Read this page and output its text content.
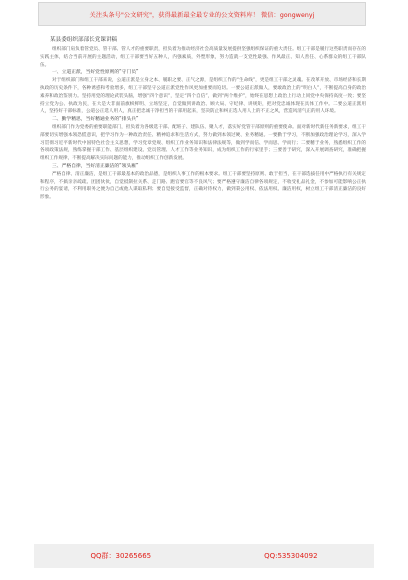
关注头条号"公文研究"，获得最新最全最专业的公文资料库！ 微信：gongwenyj
某县委组织部部长党课讲稿

组织部门肩负着管党员、管干部、管人才的重要职责，担负着为推动经济社会高质量发展提供坚强组织保证的重大责任。组工干部是履行这些职责而存在的实践主体，结合当前开展的主题活动，组工干部要当好五种人，内强素质，外塑形象，努力造就一支党性最强、作风最正、知人善任、心系群众的组工干部队伍。

一、立道正派，当好党性原则的“守门员”

对于组织部门和组工干部来说，公道正派是立身之本、履职之要、正气之源，是组织工作的“生命线”，更是组工干部之灵魂。在改革开放、市场经济和长期执政的历史条件下，各种诱惑和考验增多，组工干部坚守公道正派党性作风更加重要而迫切。一要公道正派做人，要敢政治上的“明白人”，不断提高自身的政治素养和政治鉴别力。坚持用党的理论武装头脑，增强“四个意识”，坚定“四个自信”，做到“两个维护”，始终在思想上政治上行动上同党中央保持高度一致；要坚持立党为公、执政为民，在大是大非面前旗帜鲜明、立场坚定，自觉做到讲政治、顾大局、守纪律、讲规矩，把对党忠诚体现在具体工作中。二要公道正派用人，坚持好干部标准，公道公正选人用人，真正把忠诚干净担当的干部用起来，坚决防止和纠正选人用人上的不正之风，营造风清气正的用人环境。

二、勤学精思，当好精通业务的“排头兵”

组织部门作为党委的重要职能部门，担负着为各级选干部、配班子、建队伍、聚人才，落实好党管干部原则的重要使命。面对新时代新任务新要求，组工干部要切实增强本领恐慌意识，把学习作为一种政治责任、精神追求和生活方式，努力做到本领过硬、业务精通。一要勤于学习，不断加强政治理论学习，深入学习贯彻习近平新时代中国特色社会主义思想，学习党章党规、组织工作业务知识和法律法规等，做到学而信、学而思、学而行；二要精于业务，熟悉组织工作的各项政策法规，熟练掌握干部工作、基层组织建设、党员管理、人才工作等业务知识，成为组织工作的行家里手；三要善于研究，深入开展调查研究，准确把握组织工作规律，不断提高解决实际问题的能力，推动组织工作创新发展。

三、严格自律，当好清正廉洁的“领头雁”

严格自律、清正廉洁，是组工干部最基本的政治品德，是组织人事工作的根本要求。组工干部要坚持原则、敢于担当，在干部选拔任用中严格执行有关规定和程序，不搞亲亲疏疏、团团伙伙，自觉抵制拉关系、走门路、跑官要官等不良风气；要严格遵守廉洁自律各项规定，不收受礼品礼金，不参加可能影响公正执行公务的宴请，不利用职务之便为自己或他人谋取私利；要自觉接受监督，正确对待权力，做到秉公用权、依法用权、廉洁用权，树立组工干部清正廉洁的良好形象。

QQ群：30265665	QQ:535304092
